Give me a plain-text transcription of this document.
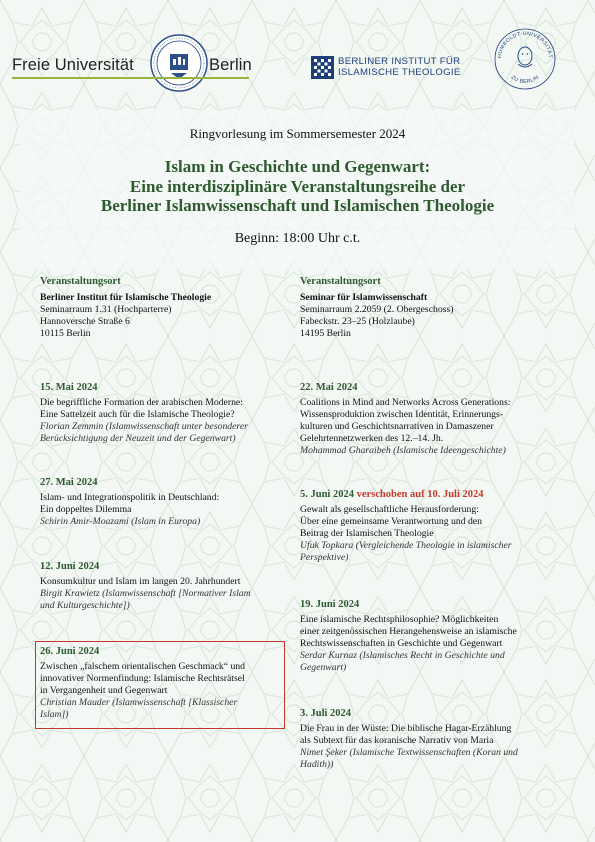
Freie Universität	Berlin	BERLINER INSTITUT FÜR
ISLAMISCHE THEOLOGIE
HUMBOLDT-UNIVERSITÄT
ZU BERLIN
Ringvorlesung im Sommersemester 2024
Islam in Geschichte und Gegenwart:
Eine interdisziplinäre Veranstaltungsreihe der
Berliner Islamwissenschaft und Islamischen Theologie
Beginn: 18:00 Uhr c.t.
Veranstaltungsort
Berliner Institut für Islamische Theologie
Seminarraum 1.31 (Hochparterre)
Hannoversche Straße 6
10115 Berlin
Veranstaltungsort
Seminar für Islamwissenschaft
Seminarraum 2.2059 (2. Obergeschoss)
Fabeckstr. 23–25 (Holzlaube)
14195 Berlin
15. Mai 2024
Die begriffliche Formation der arabischen Moderne:
Eine Sattelzeit auch für die Islamische Theologie?
Florian Zemmin (Islamwissenschaft unter besonderer
Berücksichtigung der Neuzeit und der Gegenwart)
27. Mai 2024
Islam- und Integrationspolitik in Deutschland:
Ein doppeltes Dilemma
Schirin Amir-Moazami (Islam in Europa)
12. Juni 2024
Konsumkultur und Islam im langen 20. Jahrhundert
Birgit Krawietz (Islamwissenschaft [Normativer Islam
und Kulturgeschichte])
26. Juni 2024
Zwischen „falschem orientalischen Geschmack“ und
innovativer Normenfindung: Islamische Rechtsrätsel
in Vergangenheit und Gegenwart
Christian Mauder (Islamwissenschaft [Klassischer
Islam])
22. Mai 2024
Coalitions in Mind and Networks Across Generations:
Wissensproduktion zwischen Identität, Erinnerungs-
kulturen und Geschichtsnarrativen in Damaszener
Gelehrtennetzwerken des 12.–14. Jh.
Mohammad Gharaibeh (Islamische Ideengeschichte)
5. Juni 2024 verschoben auf 10. Juli 2024
Gewalt als gesellschaftliche Herausforderung:
Über eine gemeinsame Verantwortung und den
Beitrag der Islamischen Theologie
Ufuk Topkara (Vergleichende Theologie in islamischer
Perspektive)
19. Juni 2024
Eine islamische Rechtsphilosophie? Möglichkeiten
einer zeitgenössischen Herangehensweise an islamische
Rechtswissenschaften in Geschichte und Gegenwart
Serdar Kurnaz (Islamisches Recht in Geschichte und
Gegenwart)
3. Juli 2024
Die Frau in der Wüste: Die biblische Hagar-Erzählung
als Subtext für das koranische Narrativ von Maria
Nimet Şeker (Islamische Textwissenschaften (Koran und
Hadith))
